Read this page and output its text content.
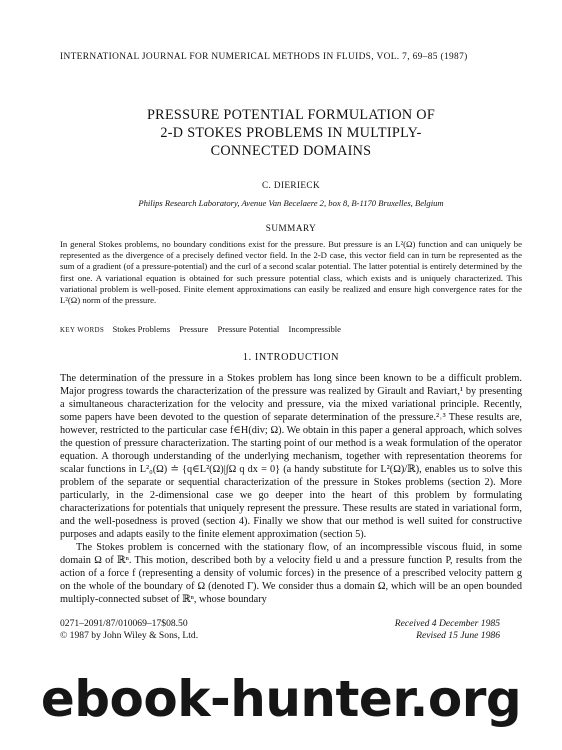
INTERNATIONAL JOURNAL FOR NUMERICAL METHODS IN FLUIDS, VOL. 7, 69–85 (1987)
PRESSURE POTENTIAL FORMULATION OF
2-D STOKES PROBLEMS IN MULTIPLY-
CONNECTED DOMAINS
C. DIERIECK
Philips Research Laboratory, Avenue Van Becelaere 2, box 8, B-1170 Bruxelles, Belgium
SUMMARY
In general Stokes problems, no boundary conditions exist for the pressure. But pressure is an L²(Ω) function and can uniquely be represented as the divergence of a precisely defined vector field. In the 2-D case, this vector field can in turn be represented as the sum of a gradient (of a pressure-potential) and the curl of a second scalar potential. The latter potential is entirely determined by the first one. A variational equation is obtained for such pressure potential class, which exists and is uniquely characterized. This variational problem is well-posed. Finite element approximations can easily be realized and ensure high convergence rates for the L²(Ω) norm of the pressure.
KEY WORDS Stokes Problems Pressure Pressure Potential Incompressible
1. INTRODUCTION

The determination of the pressure in a Stokes problem has long since been known to be a difficult problem. Major progress towards the characterization of the pressure was realized by Girault and Raviart,¹ by presenting a simultaneous characterization for the velocity and pressure, via the mixed variational principle. Recently, some papers have been devoted to the question of separate determination of the pressure.²˒³ These results are, however, restricted to the particular case f∈H(div; Ω). We obtain in this paper a general approach, which solves the question of pressure characterization. The starting point of our method is a weak formulation of the operator equation. A thorough understanding of the underlying mechanism, together with representation theorems for scalar functions in L²₀(Ω) ≐ {q∈L²(Ω)|∫Ω q dx = 0} (a handy substitute for L²(Ω)/ℝ), enables us to solve this problem of the separate or sequential characterization of the pressure in Stokes problems (section 2). More particularly, in the 2-dimensional case we go deeper into the heart of this problem by formulating characterizations for potentials that uniquely represent the pressure. These results are stated in variational form, and the well-posedness is proved (section 4). Finally we show that our method is well suited for constructive purposes and adapts easily to the finite element approximation (section 5).

The Stokes problem is concerned with the stationary flow, of an incompressible viscous fluid, in some domain Ω of ℝⁿ. This motion, described both by a velocity field u and a pressure function P, results from the action of a force f (representing a density of volumic forces) in the presence of a prescribed velocity pattern g on the whole of the boundary of Ω (denoted Γ). We consider thus a domain Ω, which will be an open bounded multiply-connected subset of ℝⁿ, whose boundary

0271–2091/87/010069–17$08.50
© 1987 by John Wiley & Sons, Ltd.
Received 4 December 1985
Revised 15 June 1986
ebook-hunter.org
